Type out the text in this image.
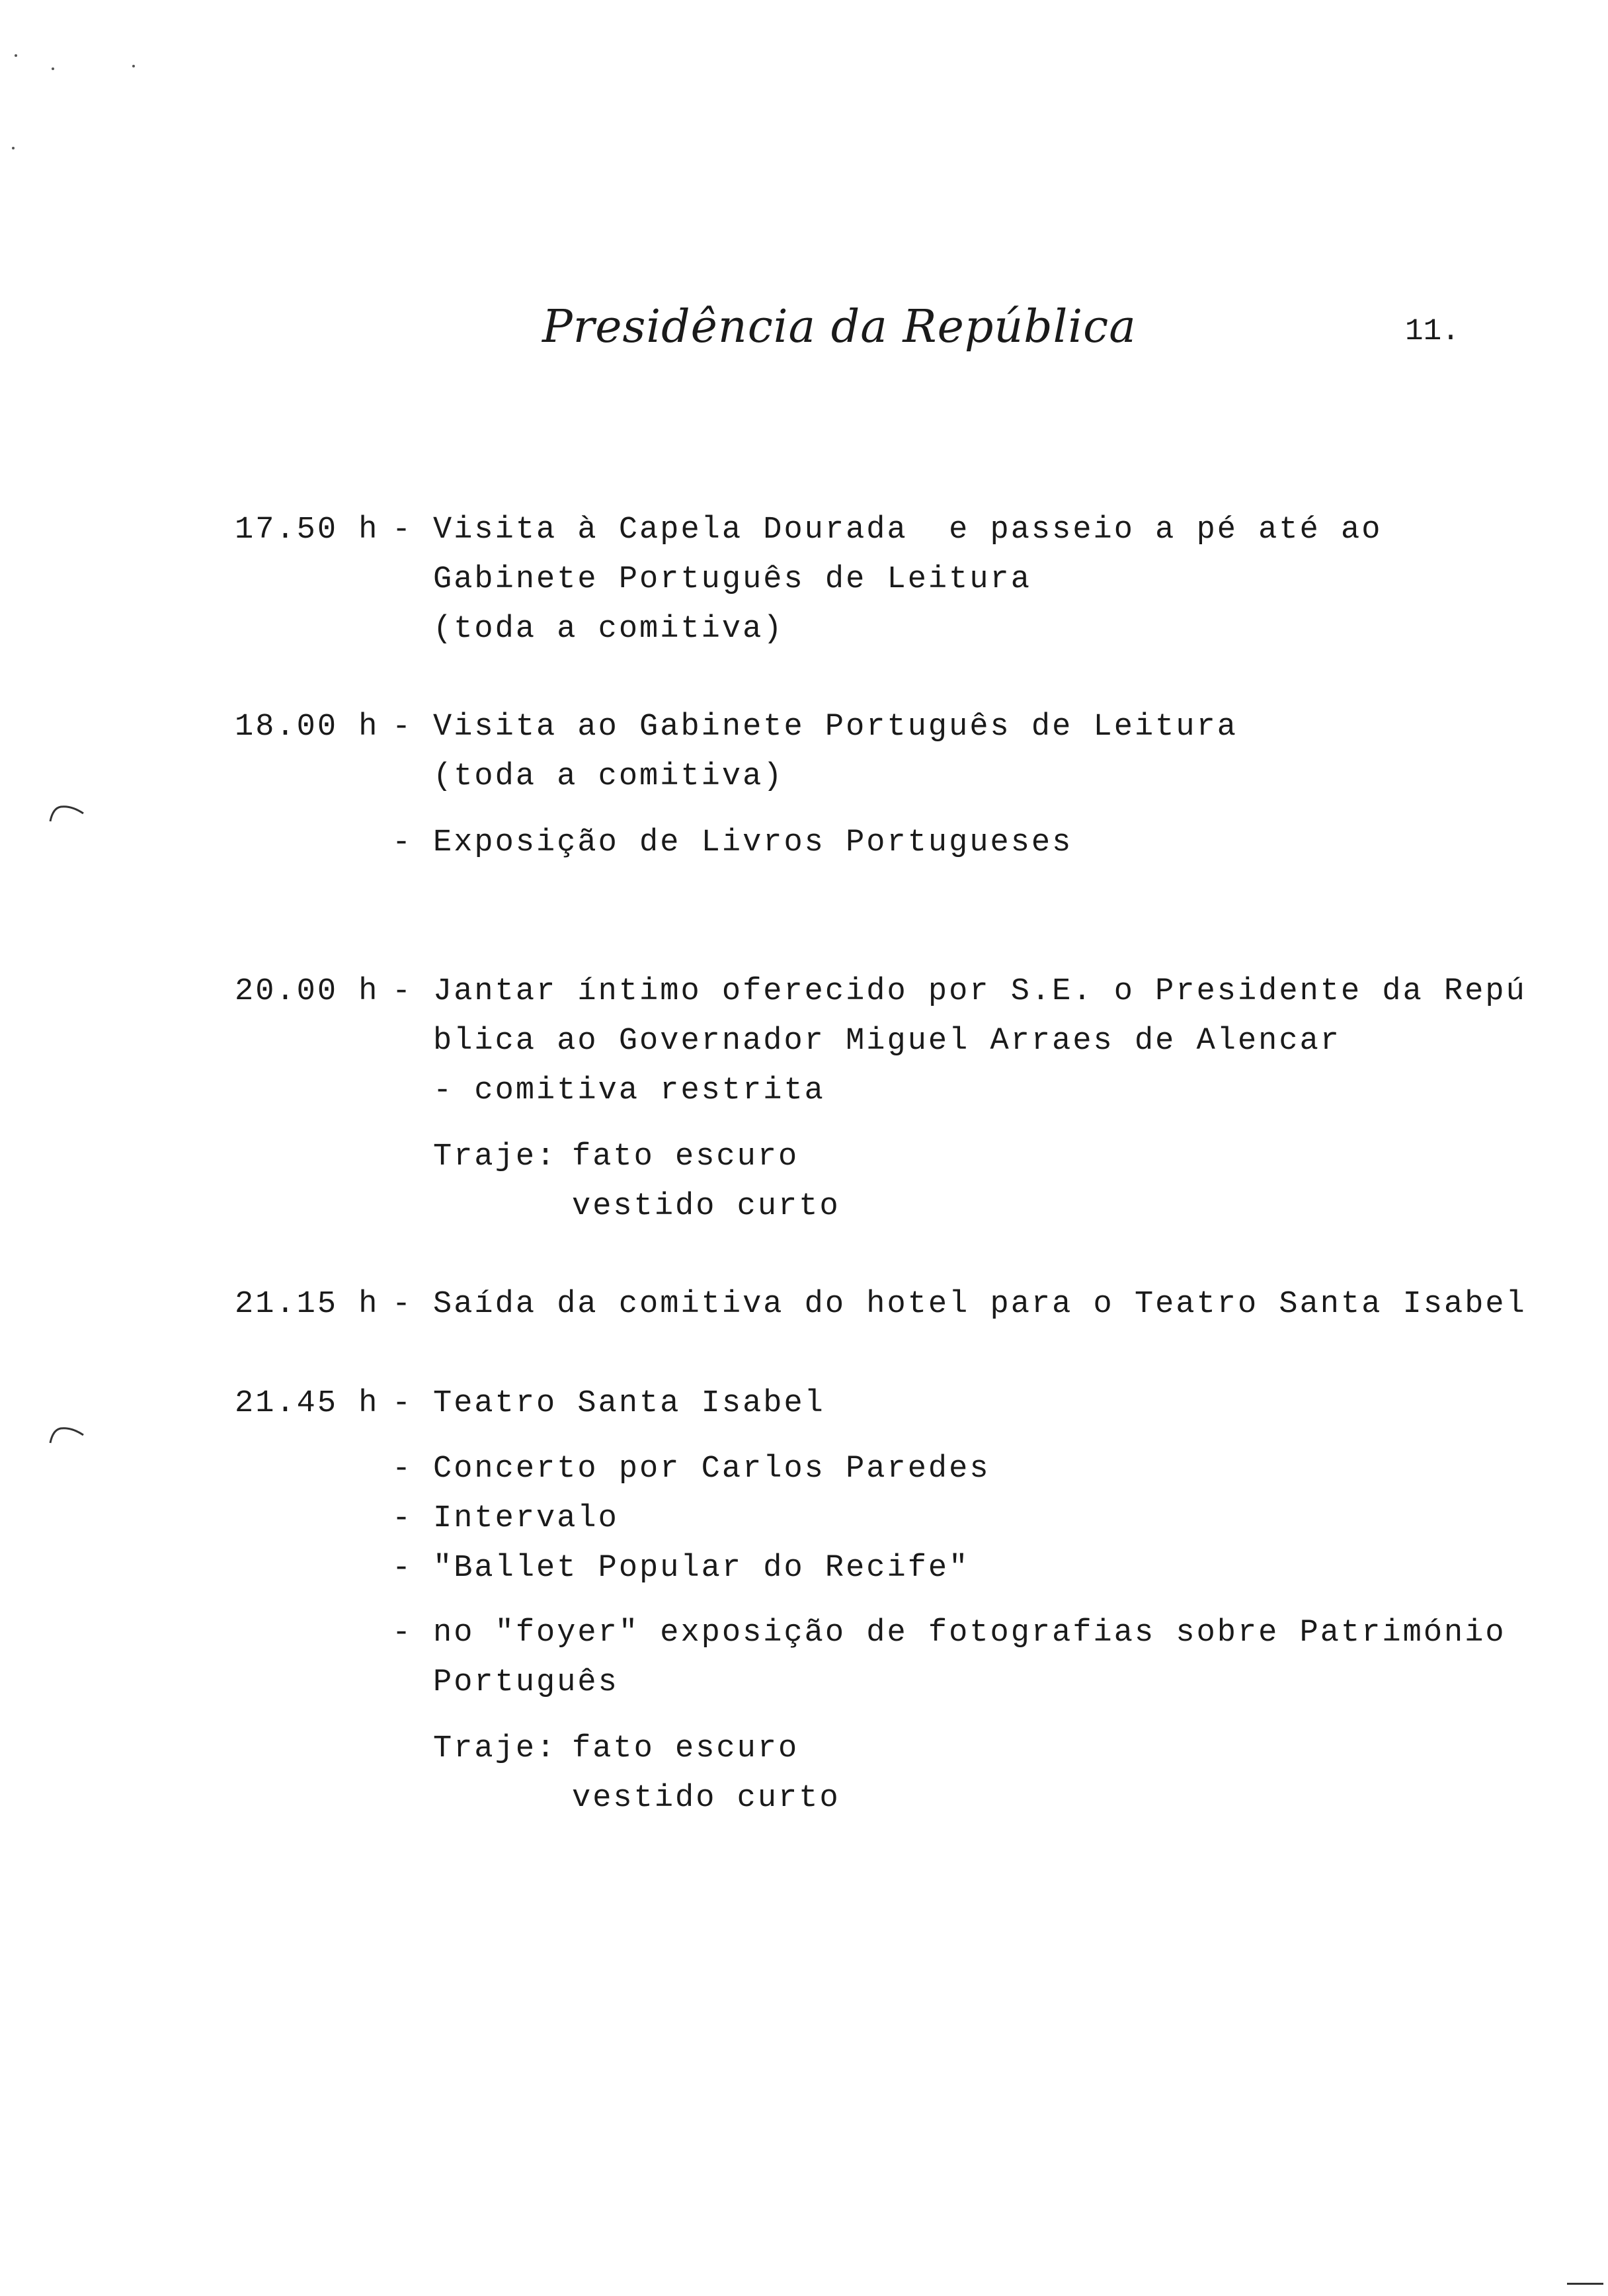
Presidência da República	11.
17.50 h - Visita à Capela Dourada  e passeio a pé até ao
Gabinete Português de Leitura
(toda a comitiva)
18.00 h - Visita ao Gabinete Português de Leitura
(toda a comitiva)
- Exposição de Livros Portugueses
20.00 h - Jantar íntimo oferecido por S.E. o Presidente da Repú
blica ao Governador Miguel Arraes de Alencar
- comitiva restrita
Traje: fato escuro
vestido curto
21.15 h - Saída da comitiva do hotel para o Teatro Santa Isabel
21.45 h - Teatro Santa Isabel
- Concerto por Carlos Paredes
- Intervalo
- "Ballet Popular do Recife"
- no "foyer" exposição de fotografias sobre Património
Português
Traje: fato escuro
vestido curto
